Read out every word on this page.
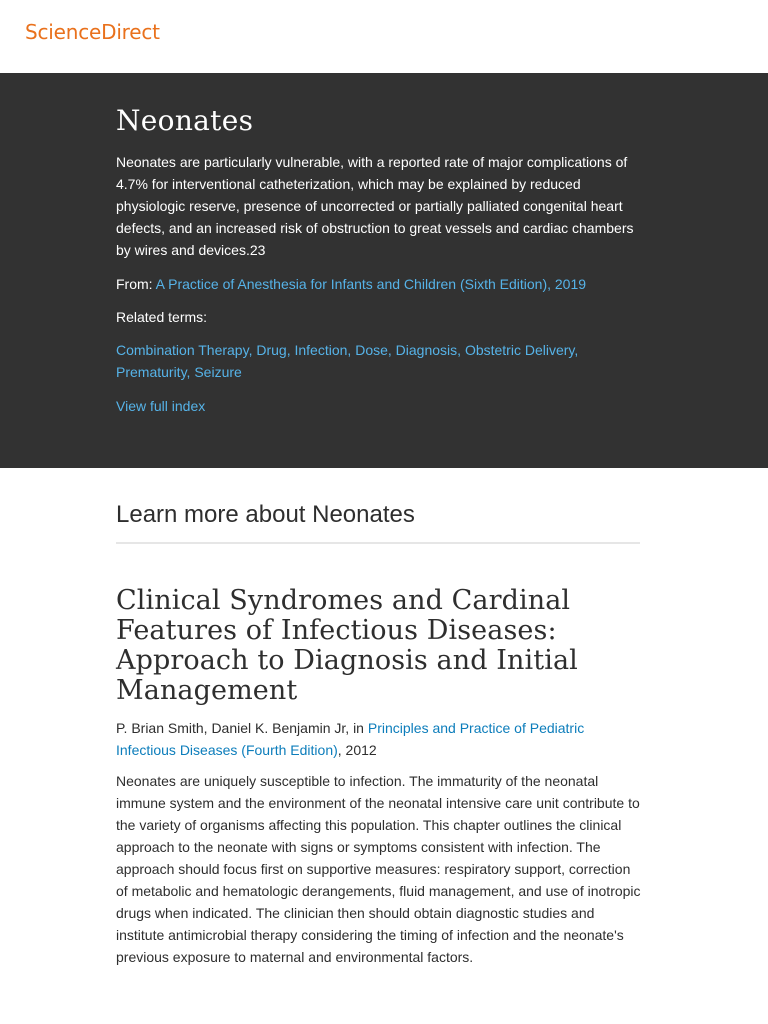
ScienceDirect
Neonates

Neonates are particularly vulnerable, with a reported rate of major complications of 4.7% for interventional catheterization, which may be explained by reduced physiologic reserve, presence of uncorrected or partially palliated congenital heart defects, and an increased risk of obstruction to great vessels and cardiac chambers by wires and devices.23

From: A Practice of Anesthesia for Infants and Children (Sixth Edition), 2019

Related terms:

Combination Therapy, Drug, Infection, Dose, Diagnosis, Obstetric Delivery, Prematurity, Seizure

View full index

Learn more about Neonates
Clinical Syndromes and Cardinal Features of Infectious Diseases: Approach to Diagnosis and Initial Management

P. Brian Smith, Daniel K. Benjamin Jr, in Principles and Practice of Pediatric Infectious Diseases (Fourth Edition), 2012

Neonates are uniquely susceptible to infection. The immaturity of the neonatal immune system and the environment of the neonatal intensive care unit contribute to the variety of organisms affecting this population. This chapter outlines the clinical approach to the neonate with signs or symptoms consistent with infection. The approach should focus first on supportive measures: respiratory support, correction of metabolic and hematologic derangements, fluid management, and use of inotropic drugs when indicated. The clinician then should obtain diagnostic studies and institute antimicrobial therapy considering the timing of infection and the neonate's previous exposure to maternal and environmental factors.
